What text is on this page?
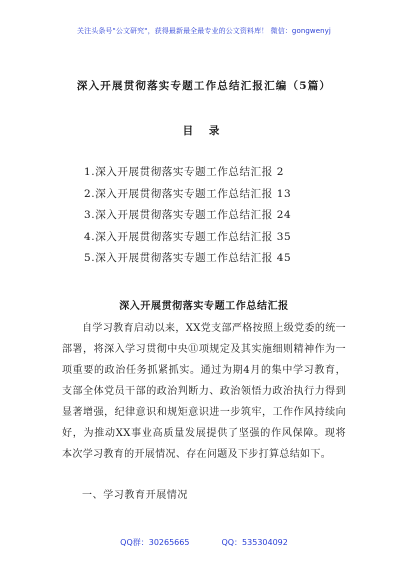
关注头条号"公文研究"，获得最新最全最专业的公文资料库！ 微信：gongwenyj
深入开展贯彻落实专题工作总结汇报汇编（5篇）
目 录
1.深入开展贯彻落实专题工作总结汇报 2
2.深入开展贯彻落实专题工作总结汇报 13
3.深入开展贯彻落实专题工作总结汇报 24
4.深入开展贯彻落实专题工作总结汇报 35
5.深入开展贯彻落实专题工作总结汇报 45
深入开展贯彻落实专题工作总结汇报

自学习教育启动以来，XX党支部严格按照上级党委的统一部署，将深入学习贯彻中央⑪项规定及其实施细则精神作为一项重要的政治任务抓紧抓实。通过为期4月的集中学习教育，支部全体党员干部的政治判断力、政治领悟力政治执行力得到显著增强，纪律意识和规矩意识进一步筑牢，工作作风持续向好，为推动XX事业高质量发展提供了坚强的作风保障。现将本次学习教育的开展情况、存在问题及下步打算总结如下。

一、学习教育开展情况
QQ群：30265665	QQ：535304092
